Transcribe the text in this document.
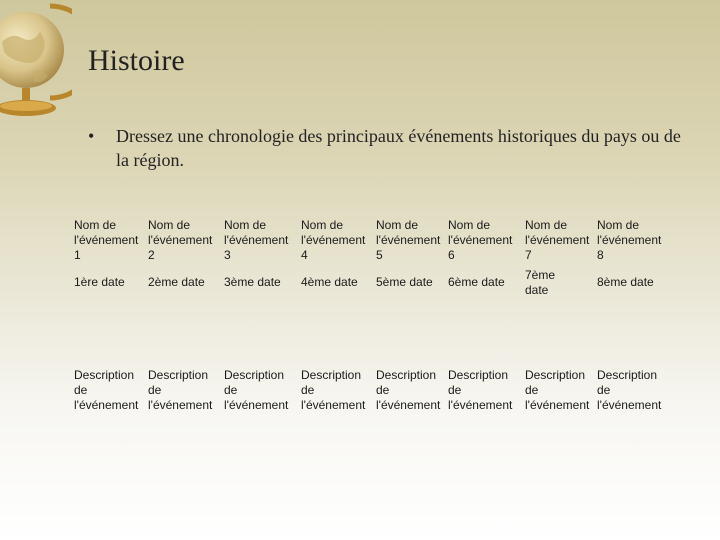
Histoire
• Dressez une chronologie des principaux événements historiques du pays ou de la région.
Nom de l'événement 1
1ère date
Description de l'événement
Nom de l'événement 2
2ème date
Description de l'événement
Nom de l'événement 3
3ème date
Description de l'événement
Nom de l'événement 4
4ème date
Description de l'événement
Nom de l'événement 5
5ème date
Description de l'événement
Nom de l'événement 6
6ème date
Description de l'événement
Nom de l'événement 7
7ème date
Description de l'événement
Nom de l'événement 8
8ème date
Description de l'événement
